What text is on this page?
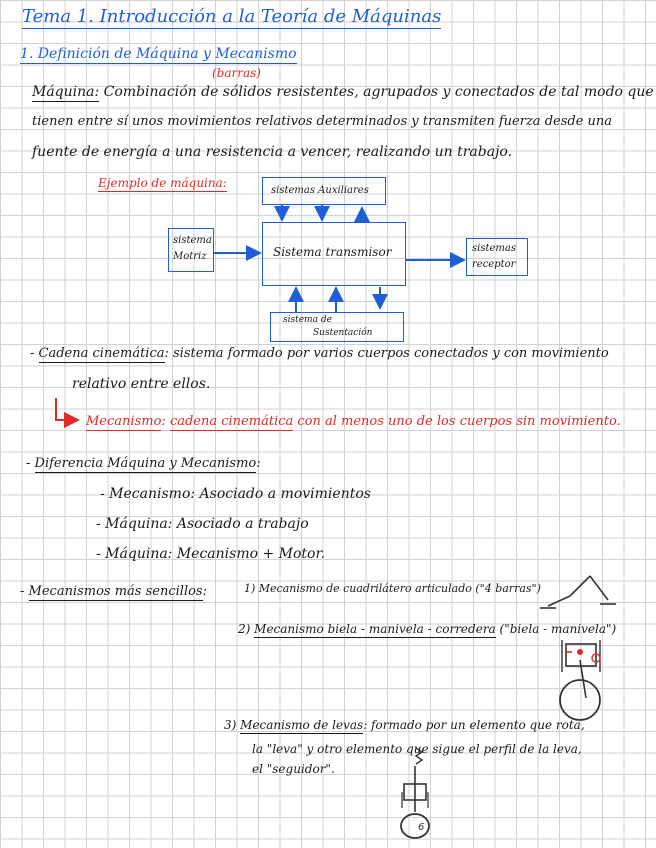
Tema 1. Introducción a la Teoría de Máquinas
1. Definición de Máquina y Mecanismo
(barras)
Máquina: Combinación de sólidos resistentes, agrupados y conectados de tal modo que
tienen entre sí unos movimientos relativos determinados y transmiten fuerza desde una
fuente de energía a una resistencia a vencer, realizando un trabajo.
Ejemplo de máquina:
sistemas Auxiliares
sistema
Motriz	Sistema transmisor	sistemas
receptor
sistema de
Sustentación
6
- Cadena cinemática: sistema formado por varios cuerpos conectados y con movimiento
relativo entre ellos.
Mecanismo: cadena cinemática con al menos uno de los cuerpos sin movimiento.
- Diferencia Máquina y Mecanismo:
- Mecanismo: Asociado a movimientos
- Máquina: Asociado a trabajo
- Máquina: Mecanismo + Motor.
- Mecanismos más sencillos:	1) Mecanismo de cuadrilátero articulado ("4 barras")
2) Mecanismo biela - manivela - corredera ("biela - manivela")
3) Mecanismo de levas: formado por un elemento que rota,
la "leva" y otro elemento que sigue el perfil de la leva,
el "seguidor".
